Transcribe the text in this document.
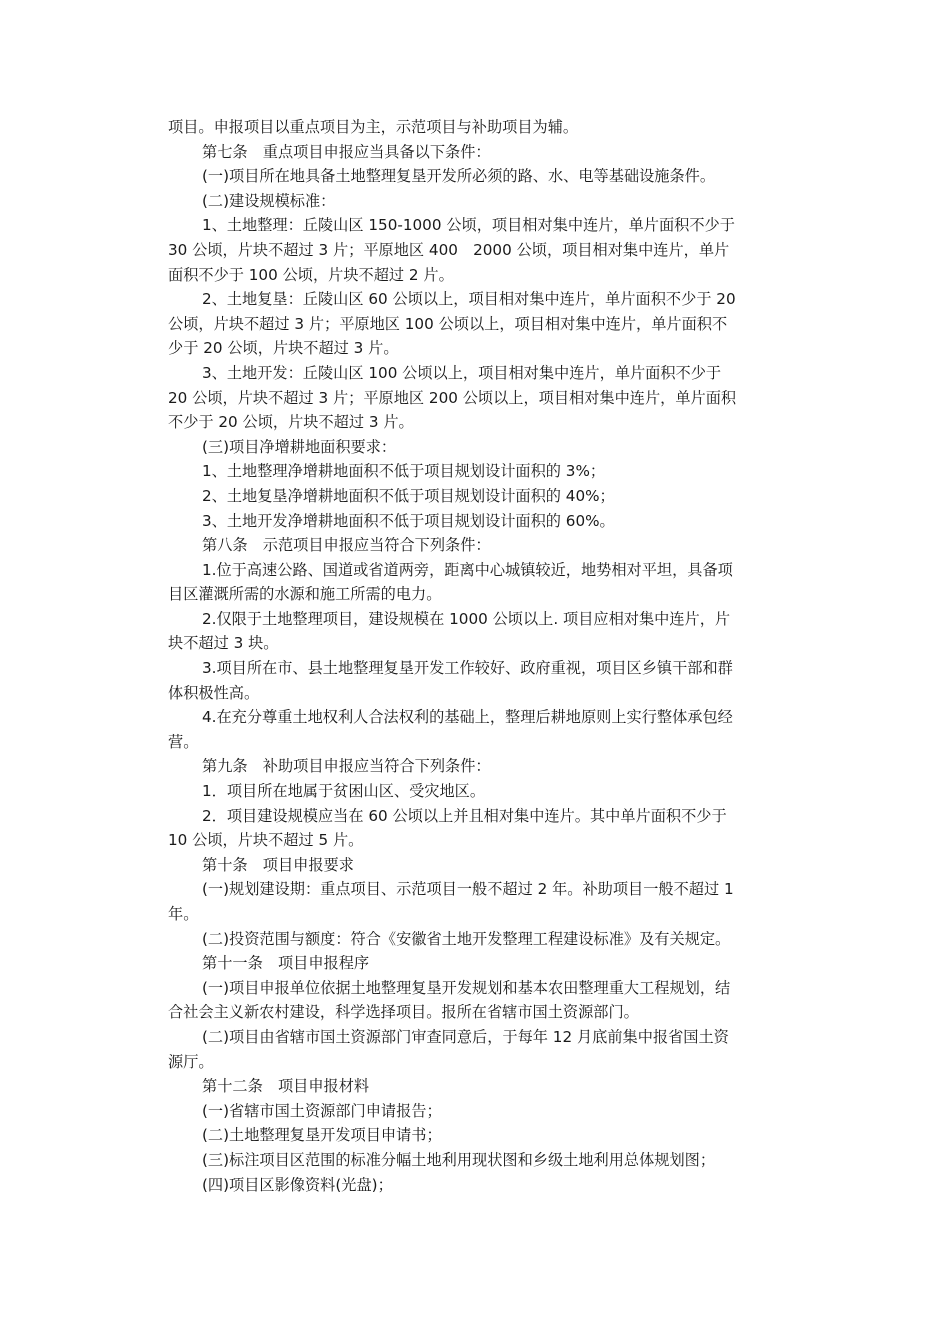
项目。申报项目以重点项目为主，示范项目与补助项目为辅。

第七条　重点项目申报应当具备以下条件：

(一)项目所在地具备土地整理复垦开发所必须的路、水、电等基础设施条件。

(二)建设规模标准：

1、土地整理：丘陵山区 150-1000 公顷，项目相对集中连片，单片面积不少于

30 公顷，片块不超过 3 片；平原地区 400　2000 公顷，项目相对集中连片，单片

面积不少于 100 公顷，片块不超过 2 片。

2、土地复垦：丘陵山区 60 公顷以上，项目相对集中连片，单片面积不少于 20

公顷，片块不超过 3 片；平原地区 100 公顷以上，项目相对集中连片，单片面积不

少于 20 公顷，片块不超过 3 片。

3、土地开发：丘陵山区 100 公顷以上，项目相对集中连片，单片面积不少于

20 公顷，片块不超过 3 片；平原地区 200 公顷以上，项目相对集中连片，单片面积

不少于 20 公顷，片块不超过 3 片。

(三)项目净增耕地面积要求：

1、土地整理净增耕地面积不低于项目规划设计面积的 3%；

2、土地复垦净增耕地面积不低于项目规划设计面积的 40%；

3、土地开发净增耕地面积不低于项目规划设计面积的 60%。

第八条　示范项目申报应当符合下列条件：

1.位于高速公路、国道或省道两旁，距离中心城镇较近，地势相对平坦，具备项

目区灌溉所需的水源和施工所需的电力。

2.仅限于土地整理项目，建设规模在 1000 公顷以上. 项目应相对集中连片，片

块不超过 3 块。

3.项目所在市、县土地整理复垦开发工作较好、政府重视，项目区乡镇干部和群

体积极性高。

4.在充分尊重土地权利人合法权利的基础上，整理后耕地原则上实行整体承包经

营。

第九条　补助项目申报应当符合下列条件：

1．项目所在地属于贫困山区、受灾地区。

2．项目建设规模应当在 60 公顷以上并且相对集中连片。其中单片面积不少于

10 公顷，片块不超过 5 片。

第十条　项目申报要求

(一)规划建设期：重点项目、示范项目一般不超过 2 年。补助项目一般不超过 1

年。

(二)投资范围与额度：符合《安徽省土地开发整理工程建设标准》及有关规定。

第十一条　项目申报程序

(一)项目申报单位依据土地整理复垦开发规划和基本农田整理重大工程规划，结

合社会主义新农村建设，科学选择项目。报所在省辖市国土资源部门。

(二)项目由省辖市国土资源部门审查同意后，于每年 12 月底前集中报省国土资

源厅。

第十二条　项目申报材料

(一)省辖市国土资源部门申请报告；

(二)土地整理复垦开发项目申请书；

(三)标注项目区范围的标准分幅土地利用现状图和乡级土地利用总体规划图；

(四)项目区影像资料(光盘)；
